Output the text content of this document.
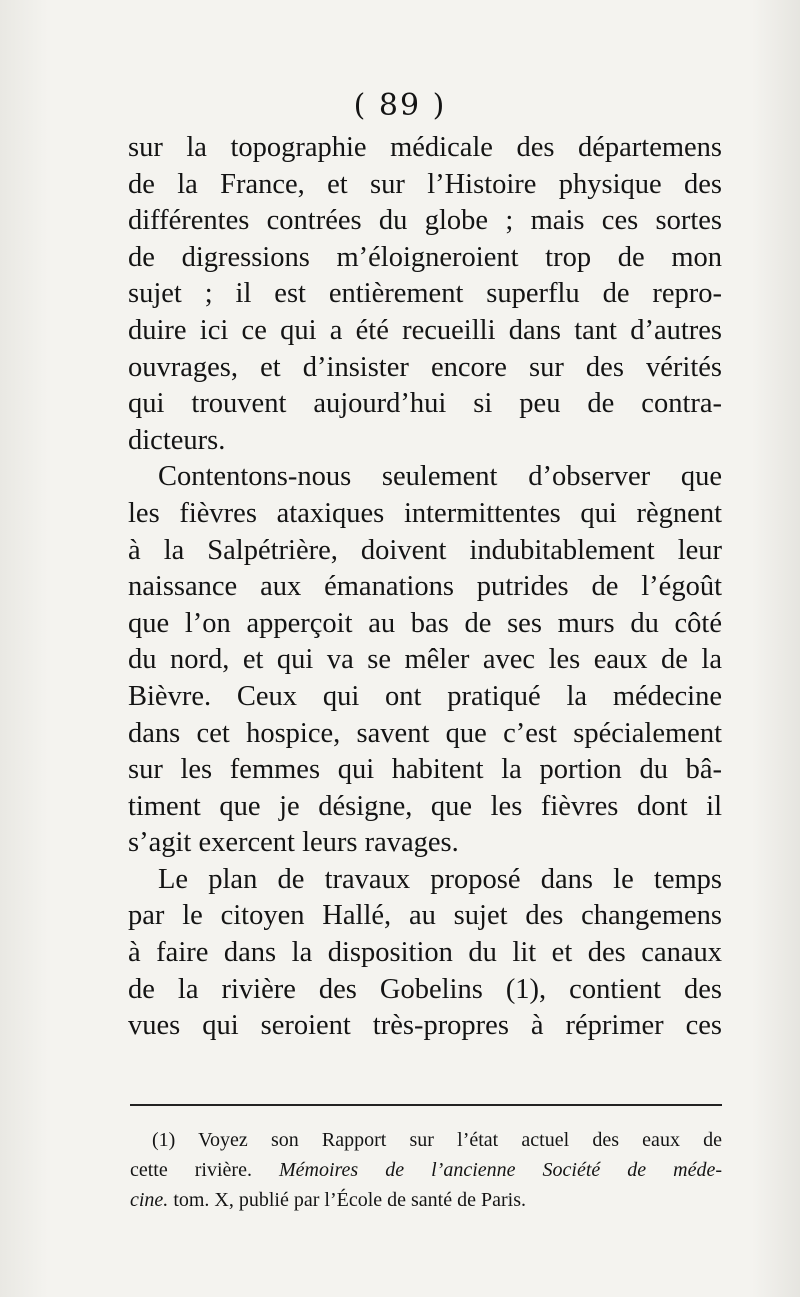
( 89 )
sur la topographie médicale des départemens
de la France, et sur l’Histoire physique des
différentes contrées du globe ; mais ces sortes
de digressions m’éloigneroient trop de mon
sujet ; il est entièrement superflu de repro-
duire ici ce qui a été recueilli dans tant d’autres
ouvrages, et d’insister encore sur des vérités
qui trouvent aujourd’hui si peu de contra-
dicteurs.
Contentons-nous seulement d’observer que
les fièvres ataxiques intermittentes qui règnent
à la Salpétrière, doivent indubitablement leur
naissance aux émanations putrides de l’égoût
que l’on apperçoit au bas de ses murs du côté
du nord, et qui va se mêler avec les eaux de la
Bièvre. Ceux qui ont pratiqué la médecine
dans cet hospice, savent que c’est spécialement
sur les femmes qui habitent la portion du bâ-
timent que je désigne, que les fièvres dont il
s’agit exercent leurs ravages.
Le plan de travaux proposé dans le temps
par le citoyen Hallé, au sujet des changemens
à faire dans la disposition du lit et des canaux
de la rivière des Gobelins (1), contient des
vues qui seroient très-propres à réprimer ces
(1) Voyez son Rapport sur l’état actuel des eaux de
cette rivière. Mémoires de l’ancienne Société de méde-
cine. tom. X, publié par l’École de santé de Paris.
